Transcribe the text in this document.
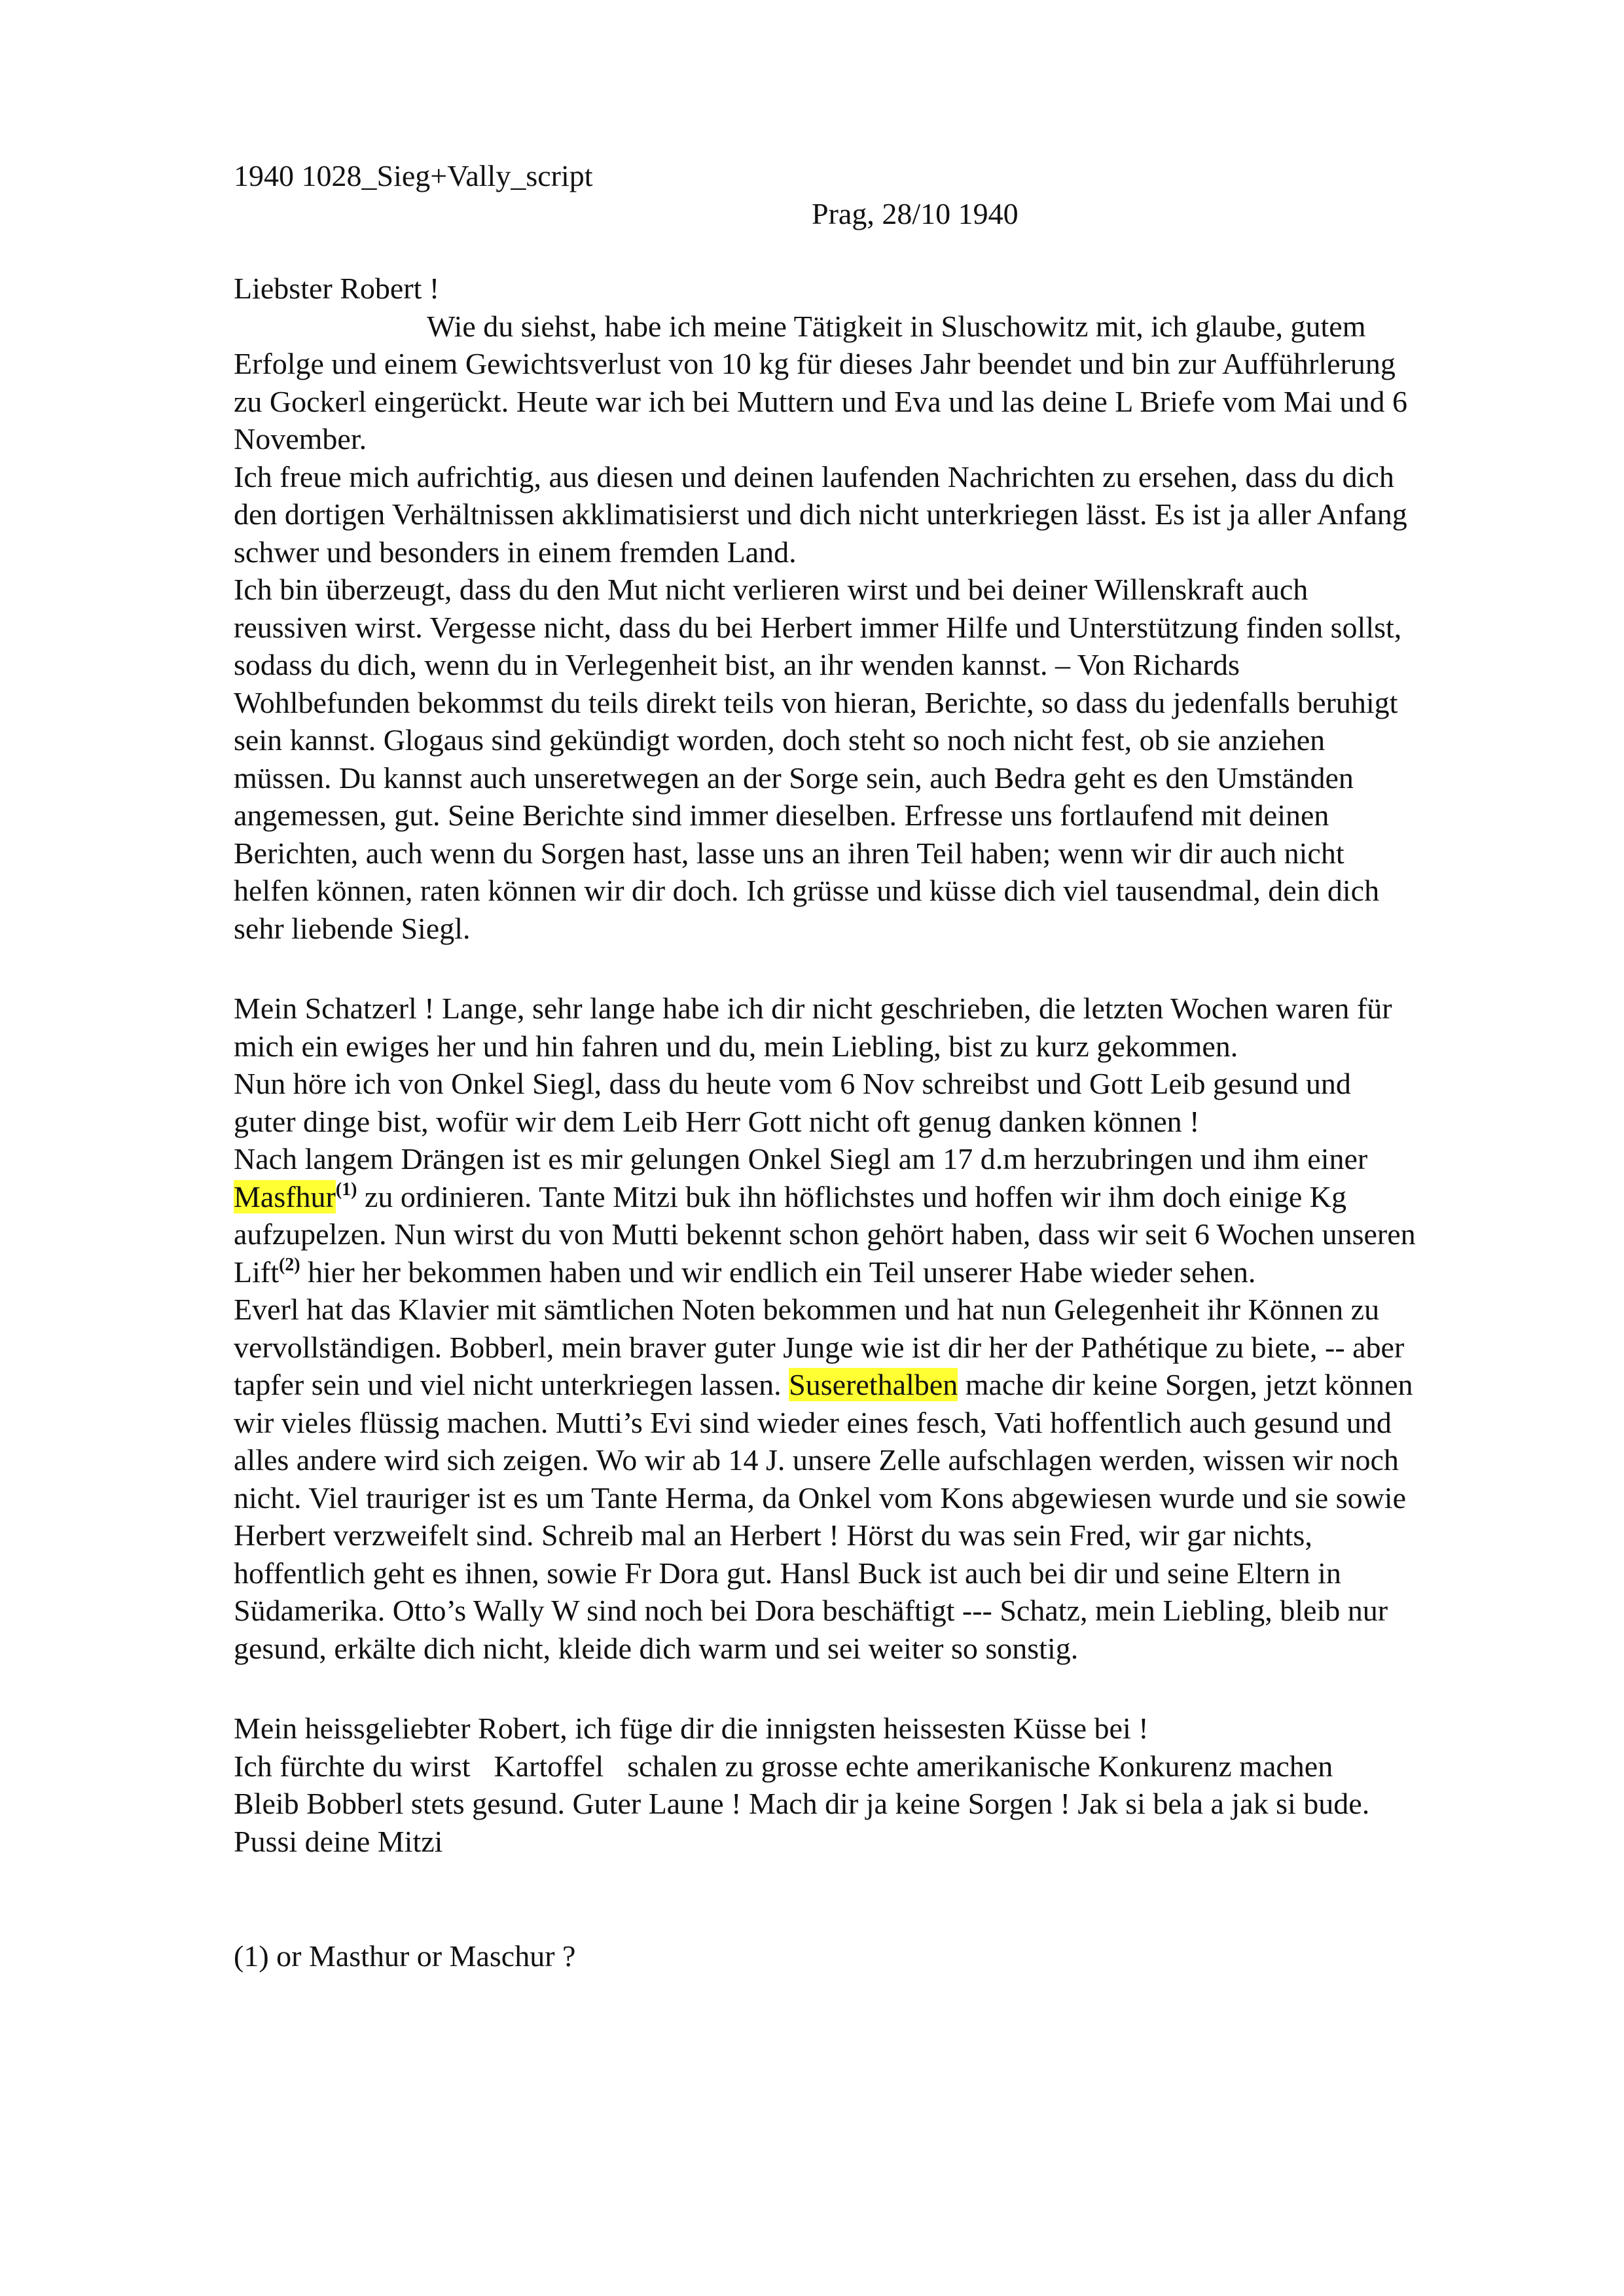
1940 1028_Sieg+Vally_script
Prag, 28/10 1940
Liebster Robert !
Wie du siehst, habe ich meine Tätigkeit in Sluschowitz mit, ich glaube, gutem
Erfolge und einem Gewichtsverlust von 10 kg für dieses Jahr beendet und bin zur Aufführlerung
zu Gockerl eingerückt. Heute war ich bei Muttern und Eva und las deine L Briefe vom Mai und 6
November.
Ich freue mich aufrichtig, aus diesen und deinen laufenden Nachrichten zu ersehen, dass du dich
den dortigen Verhältnissen akklimatisierst und dich nicht unterkriegen lässt. Es ist ja aller Anfang
schwer und besonders in einem fremden Land.
Ich bin überzeugt, dass du den Mut nicht verlieren wirst und bei deiner Willenskraft auch
reussiven wirst. Vergesse nicht, dass du bei Herbert immer Hilfe und Unterstützung finden sollst,
sodass du dich, wenn du in Verlegenheit bist, an ihr wenden kannst. – Von Richards
Wohlbefunden bekommst du teils direkt teils von hieran, Berichte, so dass du jedenfalls beruhigt
sein kannst. Glogaus sind gekündigt worden, doch steht so noch nicht fest, ob sie anziehen
müssen. Du kannst auch unseretwegen an der Sorge sein, auch Bedra geht es den Umständen
angemessen, gut. Seine Berichte sind immer dieselben. Erfresse uns fortlaufend mit deinen
Berichten, auch wenn du Sorgen hast, lasse uns an ihren Teil haben; wenn wir dir auch nicht
helfen können, raten können wir dir doch. Ich grüsse und küsse dich viel tausendmal, dein dich
sehr liebende Siegl.
Mein Schatzerl ! Lange, sehr lange habe ich dir nicht geschrieben, die letzten Wochen waren für
mich ein ewiges her und hin fahren und du, mein Liebling, bist zu kurz gekommen.
Nun höre ich von Onkel Siegl, dass du heute vom 6 Nov schreibst und Gott Leib gesund und
guter dinge bist, wofür wir dem Leib Herr Gott nicht oft genug danken können !
Nach langem Drängen ist es mir gelungen Onkel Siegl am 17 d.m herzubringen und ihm einer
Masfhur$^{(1)}$ zu ordinieren. Tante Mitzi buk ihn höflichstes und hoffen wir ihm doch einige Kg
aufzupelzen. Nun wirst du von Mutti bekennt schon gehört haben, dass wir seit 6 Wochen unseren
Lift$^{(2)}$ hier her bekommen haben und wir endlich ein Teil unserer Habe wieder sehen.
Everl hat das Klavier mit sämtlichen Noten bekommen und hat nun Gelegenheit ihr Können zu
vervollständigen. Bobberl, mein braver guter Junge wie ist dir her der Pathétique zu biete, -- aber
tapfer sein und viel nicht unterkriegen lassen. Suserethalben mache dir keine Sorgen, jetzt können
wir vieles flüssig machen. Mutti’s Evi sind wieder eines fesch, Vati hoffentlich auch gesund und
alles andere wird sich zeigen. Wo wir ab 14 J. unsere Zelle aufschlagen werden, wissen wir noch
nicht. Viel trauriger ist es um Tante Herma, da Onkel vom Kons abgewiesen wurde und sie sowie
Herbert verzweifelt sind. Schreib mal an Herbert ! Hörst du was sein Fred, wir gar nichts,
hoffentlich geht es ihnen, sowie Fr Dora gut. Hansl Buck ist auch bei dir und seine Eltern in
Südamerika. Otto’s Wally W sind noch bei Dora beschäftigt --- Schatz, mein Liebling, bleib nur
gesund, erkälte dich nicht, kleide dich warm und sei weiter so sonstig.
Mein heissgeliebter Robert, ich füge dir die innigsten heissesten Küsse bei !
Ich fürchte du wirst Kartoffel schalen zu grosse echte amerikanische Konkurenz machen
Bleib Bobberl stets gesund. Guter Laune ! Mach dir ja keine Sorgen ! Jak si bela a jak si bude.
Pussi deine Mitzi
(1) or Masthur or Maschur ?
